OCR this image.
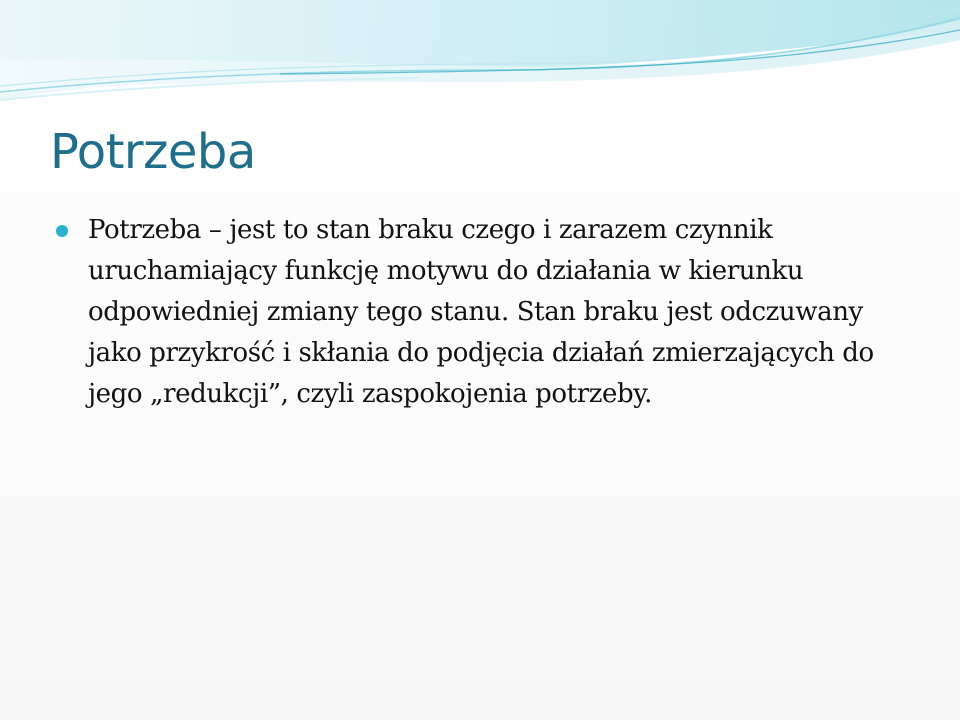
Potrzeba
Potrzeba – jest to stan braku czego i zarazem czynnik uruchamiający funkcję motywu do działania w kierunku odpowiedniej zmiany tego stanu. Stan braku jest odczuwany jako przykrość i skłania do podjęcia działań zmierzających do jego „redukcji”, czyli zaspokojenia potrzeby.
